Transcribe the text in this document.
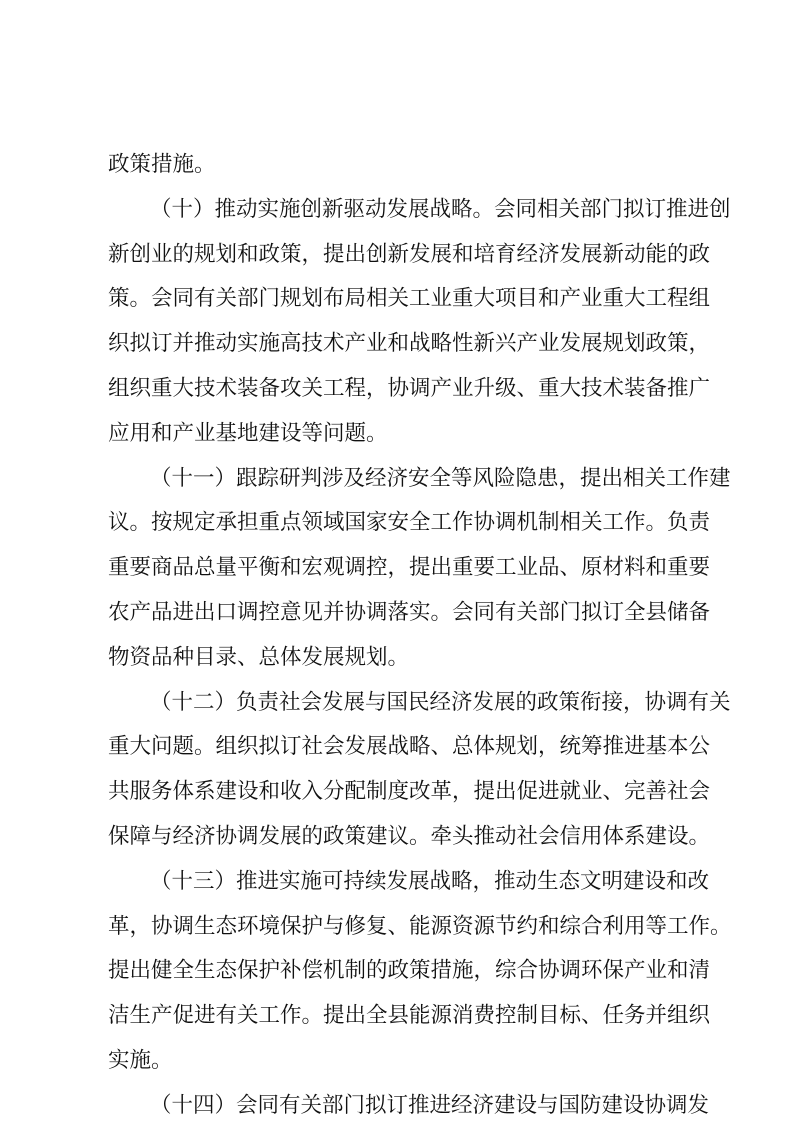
政策措施。
（十）推动实施创新驱动发展战略。会同相关部门拟订推进创
新创业的规划和政策，提出创新发展和培育经济发展新动能的政
策。会同有关部门规划布局相关工业重大项目和产业重大工程组
织拟订并推动实施高技术产业和战略性新兴产业发展规划政策，
组织重大技术装备攻关工程，协调产业升级、重大技术装备推广
应用和产业基地建设等问题。
（十一）跟踪研判涉及经济安全等风险隐患，提出相关工作建
议。按规定承担重点领域国家安全工作协调机制相关工作。负责
重要商品总量平衡和宏观调控，提出重要工业品、原材料和重要
农产品进出口调控意见并协调落实。会同有关部门拟订全县储备
物资品种目录、总体发展规划。
（十二）负责社会发展与国民经济发展的政策衔接，协调有关
重大问题。组织拟订社会发展战略、总体规划，统筹推进基本公
共服务体系建设和收入分配制度改革，提出促进就业、完善社会
保障与经济协调发展的政策建议。牵头推动社会信用体系建设。
（十三）推进实施可持续发展战略，推动生态文明建设和改
革，协调生态环境保护与修复、能源资源节约和综合利用等工作。
提出健全生态保护补偿机制的政策措施，综合协调环保产业和清
洁生产促进有关工作。提出全县能源消费控制目标、任务并组织
实施。
（十四）会同有关部门拟订推进经济建设与国防建设协调发
